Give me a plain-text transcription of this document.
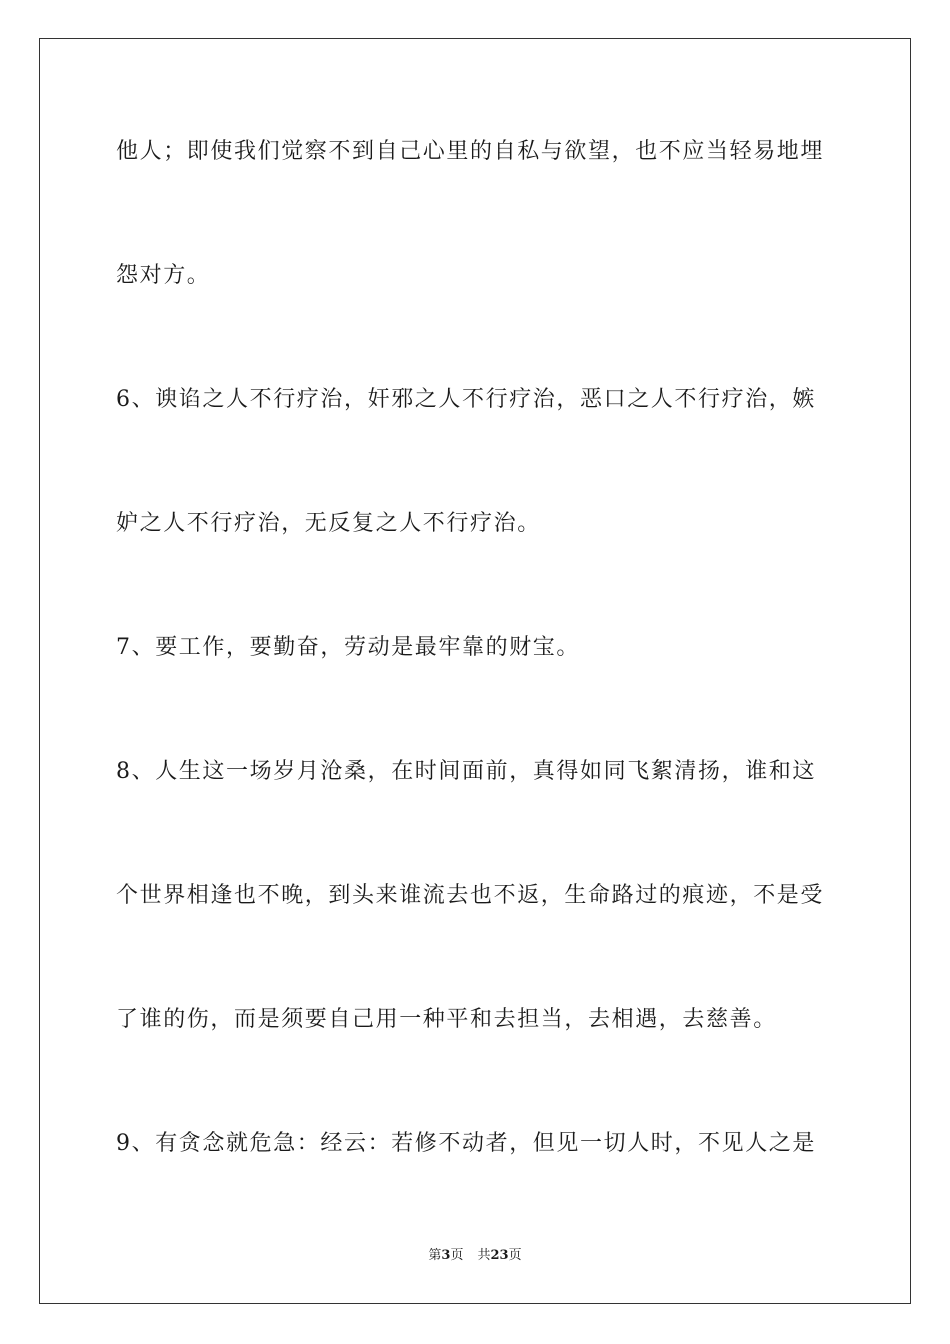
他人；即使我们觉察不到自己心里的自私与欲望，也不应当轻易地埋

怨对方。

6、谀谄之人不行疗治，奸邪之人不行疗治，恶口之人不行疗治，嫉

妒之人不行疗治，无反复之人不行疗治。

7、要工作，要勤奋，劳动是最牢靠的财宝。

8、人生这一场岁月沧桑，在时间面前，真得如同飞絮清扬，谁和这

个世界相逢也不晚，到头来谁流去也不返，生命路过的痕迹，不是受

了谁的伤，而是须要自己用一种平和去担当，去相遇，去慈善。

9、有贪念就危急：经云：若修不动者，但见一切人时，不见人之是

第3页 共23页
